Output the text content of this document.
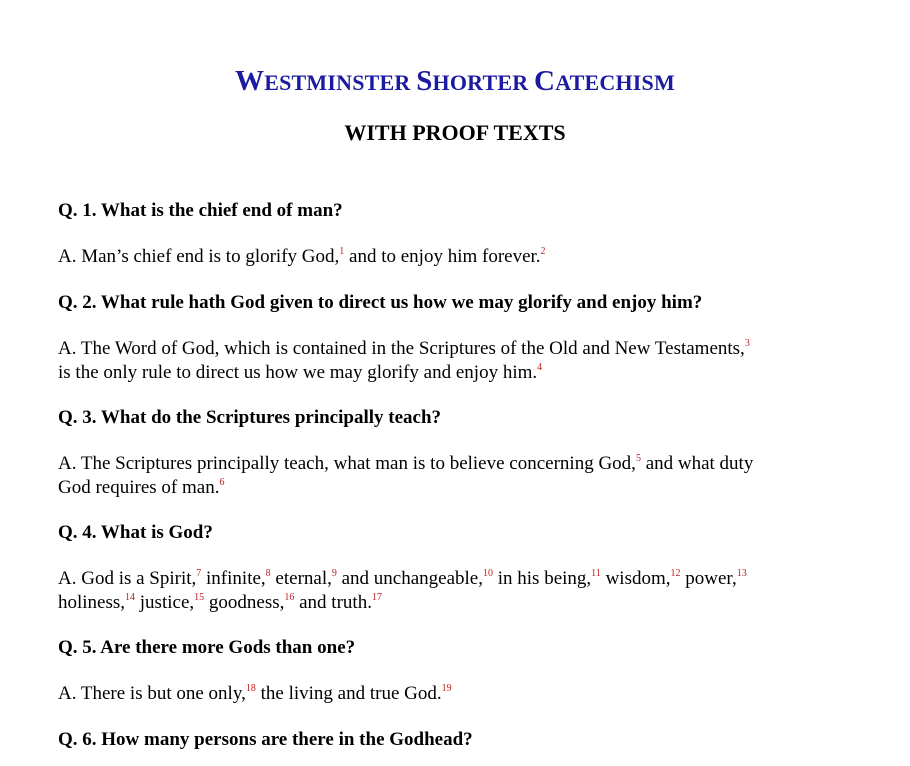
WESTMINSTER SHORTER CATECHISM
WITH PROOF TEXTS

Q. 1. What is the chief end of man?

A. Man’s chief end is to glorify God,$^1$ and to enjoy him forever.$^2$

Q. 2. What rule hath God given to direct us how we may glorify and enjoy him?

A. The Word of God, which is contained in the Scriptures of the Old and New Testaments,$^3$
is the only rule to direct us how we may glorify and enjoy him.$^4$

Q. 3. What do the Scriptures principally teach?

A. The Scriptures principally teach, what man is to believe concerning God,$^5$ and what duty
God requires of man.$^6$

Q. 4. What is God?

A. God is a Spirit,$^7$ infinite,$^8$ eternal,$^9$ and unchangeable,$^{10}$ in his being,$^{11}$ wisdom,$^{12}$ power,$^{13}$
holiness,$^{14}$ justice,$^{15}$ goodness,$^{16}$ and truth.$^{17}$

Q. 5. Are there more Gods than one?

A. There is but one only,$^{18}$ the living and true God.$^{19}$

Q. 6. How many persons are there in the Godhead?
